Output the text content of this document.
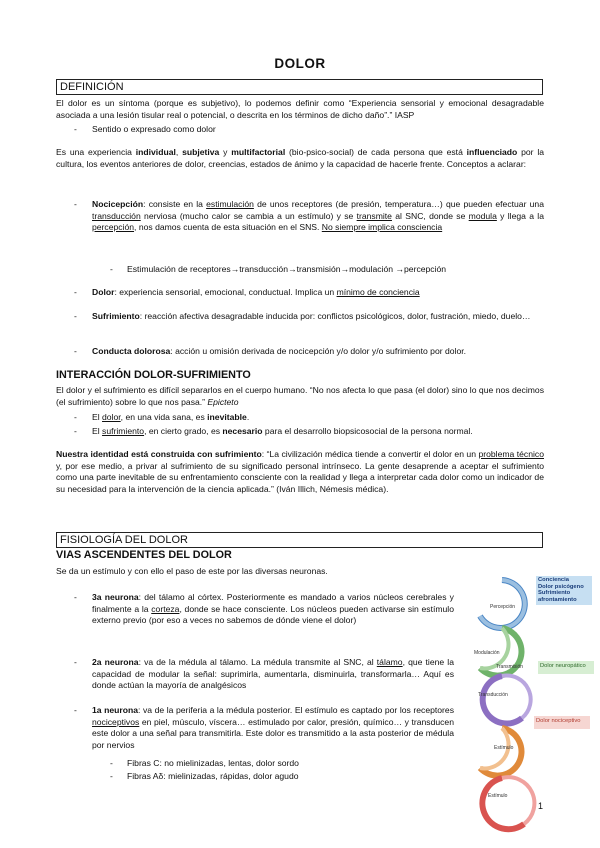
DOLOR
DEFINICIÓN
El dolor es un síntoma (porque es subjetivo), lo podemos definir como “Experiencia sensorial y emocional desagradable asociada a una lesión tisular real o potencial, o descrita en los términos de dicho daño”.” IASP
- Sentido o expresado como dolor
Es una experiencia individual, subjetiva y multifactorial (bio-psico-social) de cada persona que está influenciado por la cultura, los eventos anteriores de dolor, creencias, estados de ánimo y la capacidad de hacerle frente. Conceptos a aclarar:
- Nocicepción: consiste en la estimulación de unos receptores (de presión, temperatura…) que pueden efectuar una transducción nerviosa (mucho calor se cambia a un estímulo) y se transmite al SNC, donde se modula y llega a la percepción, nos damos cuenta de esta situación en el SNS. No siempre implica consciencia
- Estimulación de receptores→transducción→transmisión→modulación →percepción
- Dolor: experiencia sensorial, emocional, conductual. Implica un mínimo de conciencia
- Sufrimiento: reacción afectiva desagradable inducida por: conflictos psicológicos, dolor, fustración, miedo, duelo…
- Conducta dolorosa: acción u omisión derivada de nocicepción y/o dolor y/o sufrimiento por dolor.
INTERACCIÓN DOLOR-SUFRIMIENTO
El dolor y el sufrimiento es difícil separarlos en el cuerpo humano. “No nos afecta lo que pasa (el dolor) sino lo que nos decimos (el sufrimiento) sobre lo que nos pasa.” Epicteto
- El dolor, en una vida sana, es inevitable.
- El sufrimiento, en cierto grado, es necesario para el desarrollo biopsicosocial de la persona normal.
Nuestra identidad está construida con sufrimiento: “La civilización médica tiende a convertir el dolor en un problema técnico y, por ese medio, a privar al sufrimiento de su significado personal intrínseco. La gente desaprende a aceptar el sufrimiento como una parte inevitable de su enfrentamiento consciente con la realidad y llega a interpretar cada dolor como un indicador de su necesidad para la intervención de la ciencia aplicada.” (Iván Illich, Némesis médica).
FISIOLOGÍA DEL DOLOR
VIAS ASCENDENTES DEL DOLOR
Se da un estímulo y con ello el paso de este por las diversas neuronas.
- 3a neurona: del tálamo al córtex. Posteriormente es mandado a varios núcleos cerebrales y finalmente a la corteza, donde se hace consciente. Los núcleos pueden activarse sin estímulo externo previo (por eso a veces no sabemos de dónde viene el dolor)
- 2a neurona: va de la médula al tálamo. La médula transmite al SNC, al tálamo, que tiene la capacidad de modular la señal: suprimirla, aumentarla, disminuirla, transformarla… Aquí es donde actúan la mayoría de analgésicos
- 1a neurona: va de la periferia a la médula posterior. El estímulo es captado por los receptores nociceptivos en piel, músculo, víscera… estimulado por calor, presión, químico… y transducen este dolor a una señal para transmitirla. Este dolor es transmitido a la asta posterior de médula por nervios
- Fibras C: no mielinizadas, lentas, dolor sordo
- Fibras Aδ: mielinizadas, rápidas, dolor agudo
Percepción
Modulación
Transmisión
Transducción
Estímulo
Estímulo
Conciencia
Dolor psicógeno
Sufrimiento
afrontamiento
Dolor neuropático
Dolor nociceptivo
1
